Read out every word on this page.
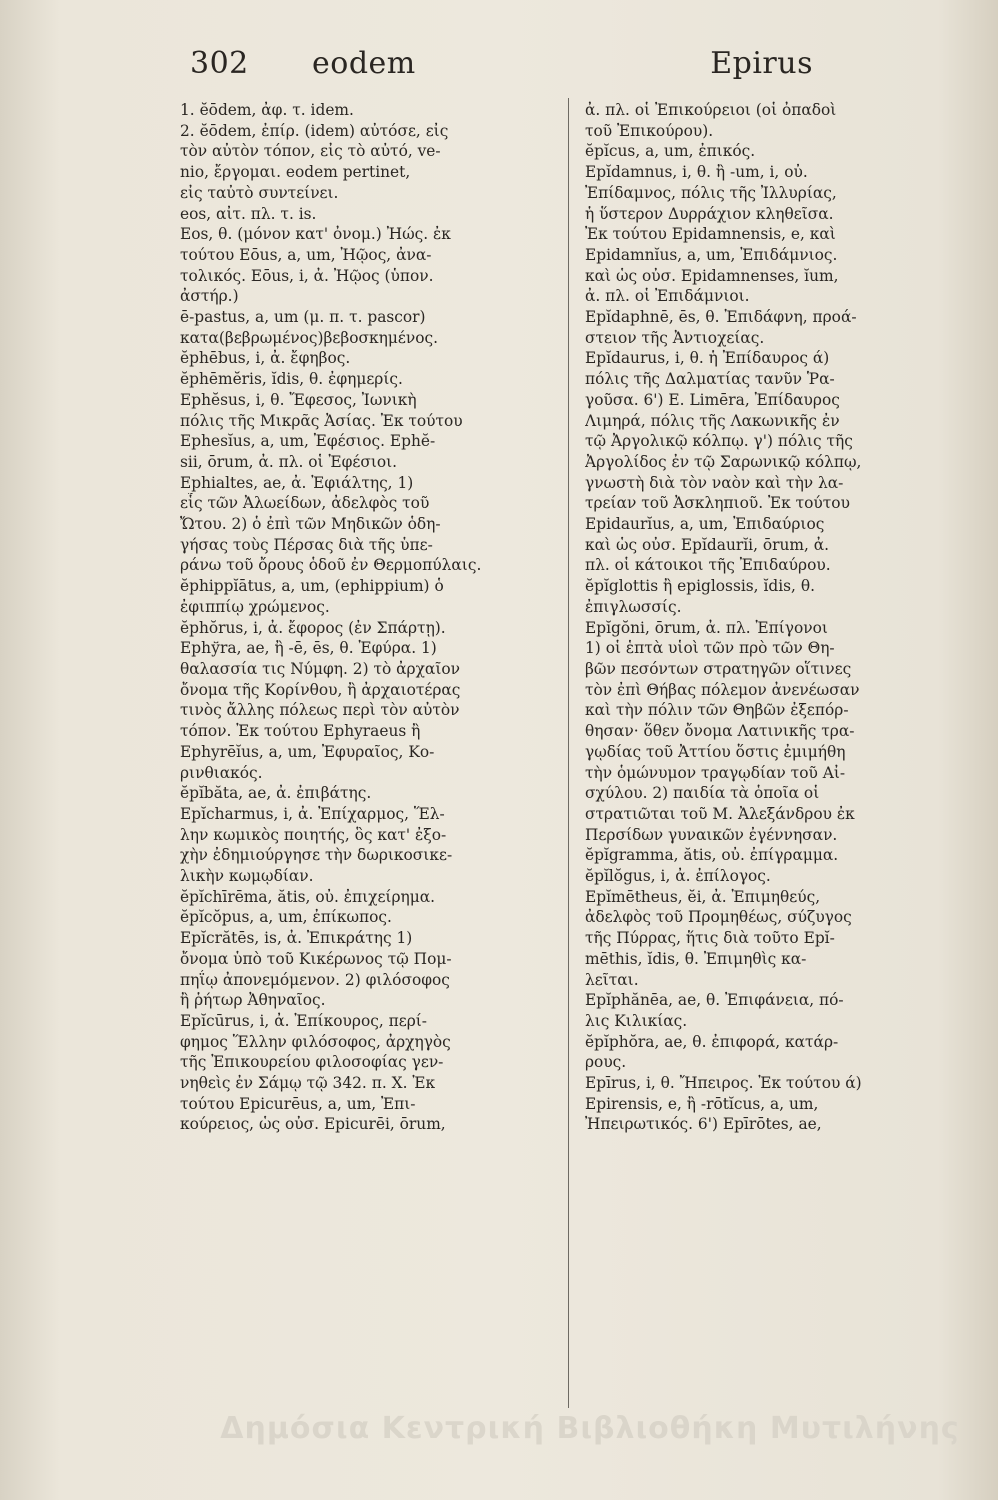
302 eodem	Epirus
1. ĕōdem, ἀφ. τ. idem.
2. ĕōdem, ἐπίρ. (idem) αὐτόσε, εἰς
τὸν αὐτὸν τόπον, εἰς τὸ αὐτό, ve-
nio, ἔργομαι. eodem pertinet,
εἰς ταὐτὸ συντείνει.
eos, αἰτ. πλ. τ. is.
Eos, θ. (μόνον κατ' ὀνομ.) Ἠώς. ἐκ
τούτου Eōus, a, um, Ἠῷος, ἀνα-
τολικός. Eōus, i, ἀ. Ἠῷος (ὑπον.
ἀστήρ.)
ē-pastus, a, um (μ. π. τ. pascor)
κατα(βεβρωμένος)βεβοσκημένος.
ĕphēbus, i, ἀ. ἔφηβος.
ĕphēmĕris, ĭdis, θ. ἐφημερίς.
Ephĕsus, i, θ. Ἔφεσος, Ἰωνικὴ
πόλις τῆς Μικρᾶς Ἀσίας. Ἐκ τούτου
Ephesĭus, a, um, Ἐφέσιος. Ephĕ-
sii, ōrum, ἀ. πλ. οἱ Ἐφέσιοι.
Ephialtes, ae, ἀ. Ἐφιάλτης, 1)
εἷς τῶν Ἀλωείδων, ἀδελφὸς τοῦ
Ὤτου. 2) ὁ ἐπὶ τῶν Μηδικῶν ὁδη-
γήσας τοὺς Πέρσας διὰ τῆς ὑπε-
ράνω τοῦ ὄρους ὁδοῦ ἐν Θερμοπύλαις.
ĕphippĭātus, a, um, (ephippium) ὁ
ἐφιππίῳ χρώμενος.
ĕphŏrus, i, ἀ. ἔφορος (ἐν Σπάρτῃ).
Ephўra, ae, ἢ -ē, ēs, θ. Ἐφύρα. 1)
θαλασσία τις Νύμφη. 2) τὸ ἀρχαῖον
ὄνομα τῆς Κορίνθου, ἢ ἀρχαιοτέρας
τινὸς ἄλλης πόλεως περὶ τὸν αὐτὸν
τόπον. Ἐκ τούτου Ephyraeus ἢ
Ephyrēĭus, a, um, Ἐφυραῖος, Κο-
ρινθιακός.
ĕpĭbăta, ae, ἀ. ἐπιβάτης.
Epĭcharmus, i, ἀ. Ἐπίχαρμος, Ἕλ-
λην κωμικὸς ποιητής, ὃς κατ' ἐξο-
χὴν ἐδημιούργησε τὴν δωρικοσικε-
λικὴν κωμῳδίαν.
ĕpĭchīrēma, ătis, οὐ. ἐπιχείρημα.
ĕpĭcŏpus, a, um, ἐπίκωπος.
Epĭcrătēs, is, ἀ. Ἐπικράτης 1)
ὄνομα ὑπὸ τοῦ Κικέρωνος τῷ Πομ-
πηΐῳ ἀπονεμόμενον. 2) φιλόσοφος
ἢ ῥήτωρ Ἀθηναῖος.
Epĭcūrus, i, ἀ. Ἐπίκουρος, περί-
φημος Ἕλλην φιλόσοφος, ἀρχηγὸς
τῆς Ἐπικουρείου φιλοσοφίας γεν-
νηθεὶς ἐν Σάμῳ τῷ 342. π. Χ. Ἐκ
τούτου Epicurēus, a, um, Ἐπι-
κούρειος, ὡς οὐσ. Epicurēi, ōrum,
ἀ. πλ. οἱ Ἐπικούρειοι (οἱ ὀπαδοὶ
τοῦ Ἐπικούρου).
ĕpĭcus, a, um, ἐπικός.
Epĭdamnus, i, θ. ἢ -um, i, οὐ.
Ἐπίδαμνος, πόλις τῆς Ἰλλυρίας,
ἡ ὕστερον Δυρράχιον κληθεῖσα.
Ἐκ τούτου Epidamnensis, e, καὶ
Epidamnĭus, a, um, Ἐπιδάμνιος.
καὶ ὡς οὐσ. Epidamnenses, ĭum,
ἀ. πλ. οἱ Ἐπιδάμνιοι.
Epĭdaphnē, ēs, θ. Ἐπιδάφνη, προά-
στειον τῆς Ἀντιοχείας.
Epĭdaurus, i, θ. ἡ Ἐπίδαυρος ά)
πόλις τῆς Δαλματίας τανῦν Ῥα-
γοῦσα. 6') E. Limēra, Ἐπίδαυρος
Λιμηρά, πόλις τῆς Λακωνικῆς ἐν
τῷ Ἀργολικῷ κόλπῳ. γ') πόλις τῆς
Ἀργολίδος ἐν τῷ Σαρωνικῷ κόλπῳ,
γνωστὴ διὰ τὸν ναὸν καὶ τὴν λα-
τρείαν τοῦ Ἀσκληπιοῦ. Ἐκ τούτου
Epidaurĭus, a, um, Ἐπιδαύριος
καὶ ὡς οὐσ. Epĭdaurĭi, ōrum, ἀ.
πλ. οἱ κάτοικοι τῆς Ἐπιδαύρου.
ĕpĭglottis ἢ epiglossis, ĭdis, θ.
ἐπιγλωσσίς.
Epĭgŏni, ōrum, ἀ. πλ. Ἐπίγονοι
1) οἱ ἑπτὰ υἱοὶ τῶν πρὸ τῶν Θη-
βῶν πεσόντων στρατηγῶν οἵτινες
τὸν ἐπὶ Θήβας πόλεμον ἀνενέωσαν
καὶ τὴν πόλιν τῶν Θηβῶν ἐξεπόρ-
θησαν· ὅθεν ὄνομα Λατινικῆς τρα-
γῳδίας τοῦ Ἀττίου ὅστις ἐμιμήθη
τὴν ὁμώνυμον τραγῳδίαν τοῦ Αἰ-
σχύλου. 2) παιδία τὰ ὁποῖα οἱ
στρατιῶται τοῦ Μ. Ἀλεξάνδρου ἐκ
Περσίδων γυναικῶν ἐγέννησαν.
ĕpĭgramma, ătis, οὐ. ἐπίγραμμα.
ĕpĭlŏgus, i, ἀ. ἐπίλογος.
Epĭmētheus, ĕi, ἀ. Ἐπιμηθεύς,
ἀδελφὸς τοῦ Προμηθέως, σύζυγος
τῆς Πύρρας, ἥτις διὰ τοῦτο Epĭ-
mēthis, ĭdis, θ. Ἐπιμηθὶς κα-
λεῖται.
Epĭphănēa, ae, θ. Ἐπιφάνεια, πό-
λις Κιλικίας.
ĕpĭphŏra, ae, θ. ἐπιφορά, κατάρ-
ρους.
Epīrus, i, θ. Ἤπειρος. Ἐκ τούτου ά)
Epirensis, e, ἢ -rōtĭcus, a, um,
Ἠπειρωτικός. 6') Epīrōtes, ae,
Δημόσια Κεντρική Βιβλιοθήκη Μυτιλήνης
